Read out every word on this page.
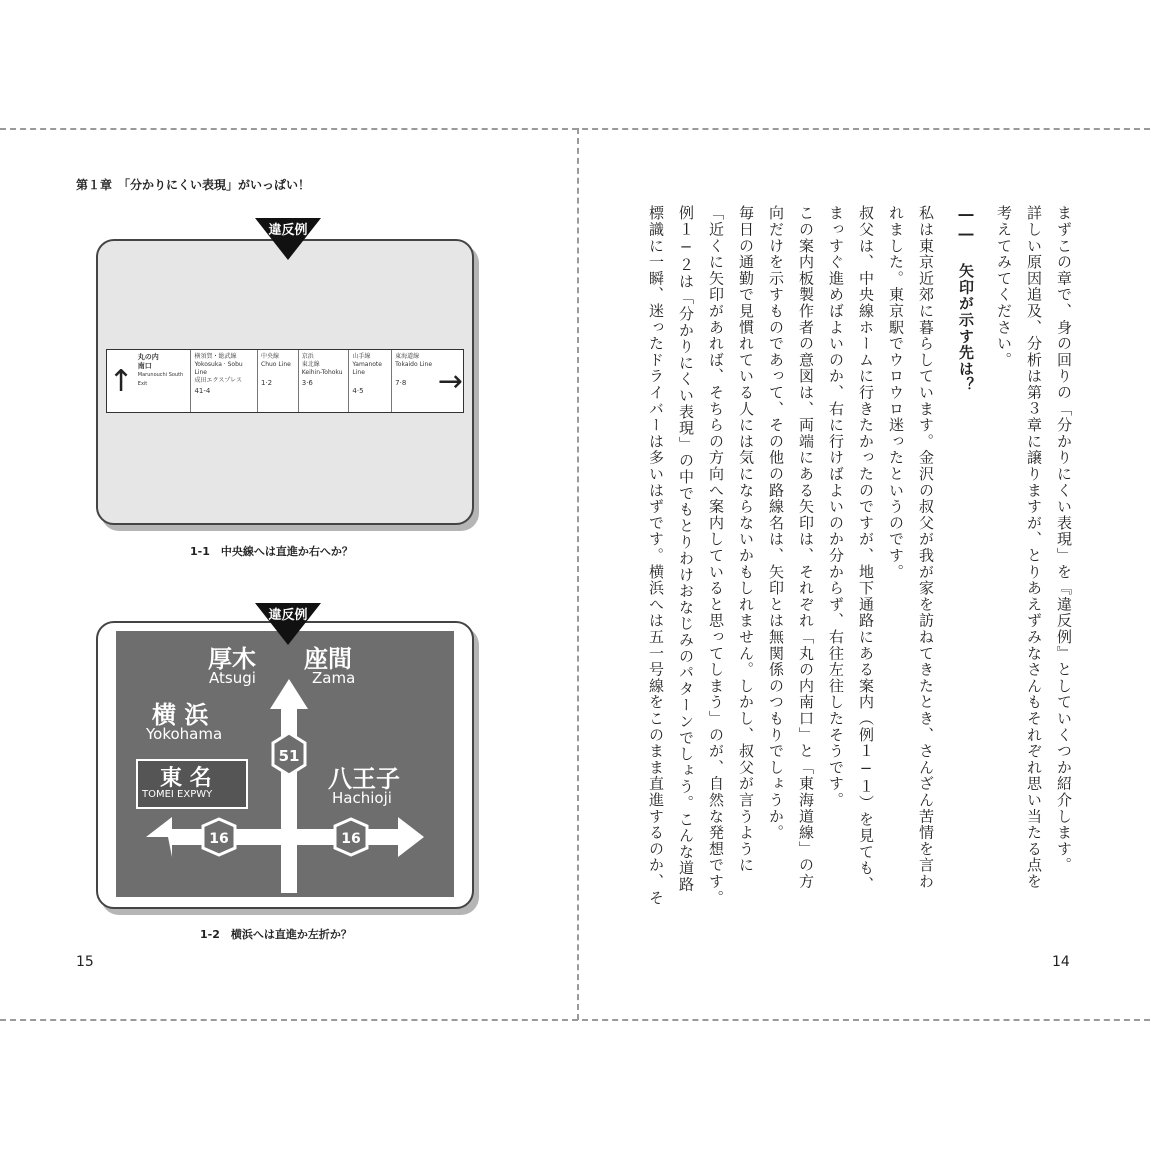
第１章　「分かりにくい表現」がいっぱい！
↑
丸の内
南口
Marunouchi South Exit
横須賀・総武線
Yokosuka · Sobu Line
成田エクスプレス
41-4
中央線
Chuo Line
1·2
京浜
東北線
Keihin-Tohoku
3·6
山手線
Yamanote Line
4·5
東海道線
Tokaido Line
7·8	→
違反例
1-1　中央線へは直進か右へか？
51
16	16
厚木
Atsugi
座間
Zama
横 浜
Yokohama
東 名
TOMEI EXPWY
八王子
Hachioji
違反例
1-2　横浜へは直進か左折か？
15
まずこの章で、身の回りの「分かりにくい表現」を『違反例』としていくつか紹介します。
詳しい原因追及、分析は第３章に譲りますが、とりあえずみなさんもそれぞれ思い当たる点を
考えてみてください。
―― 矢印が示す先は？
私は東京近郊に暮らしています。金沢の叔父が我が家を訪ねてきたとき、さんざん苦情を言わ
れました。東京駅でウロウロ迷ったというのです。
叔父は、中央線ホームに行きたかったのですが、地下通路にある案内（例１−１）を見ても、
まっすぐ進めばよいのか、右に行けばよいのか分からず、右往左往したそうです。
この案内板製作者の意図は、両端にある矢印は、それぞれ「丸の内南口」と「東海道線」の方
向だけを示すものであって、その他の路線名は、矢印とは無関係のつもりでしょうか。
毎日の通勤で見慣れている人には気にならないかもしれません。しかし、叔父が言うように
「近くに矢印があれば、そちらの方向へ案内していると思ってしまう」のが、自然な発想です。
例１−２は「分かりにくい表現」の中でもとりわけおなじみのパターンでしょう。こんな道路
標識に一瞬、迷ったドライバーは多いはずです。横浜へは五一号線をこのまま直進するのか、そ
14
